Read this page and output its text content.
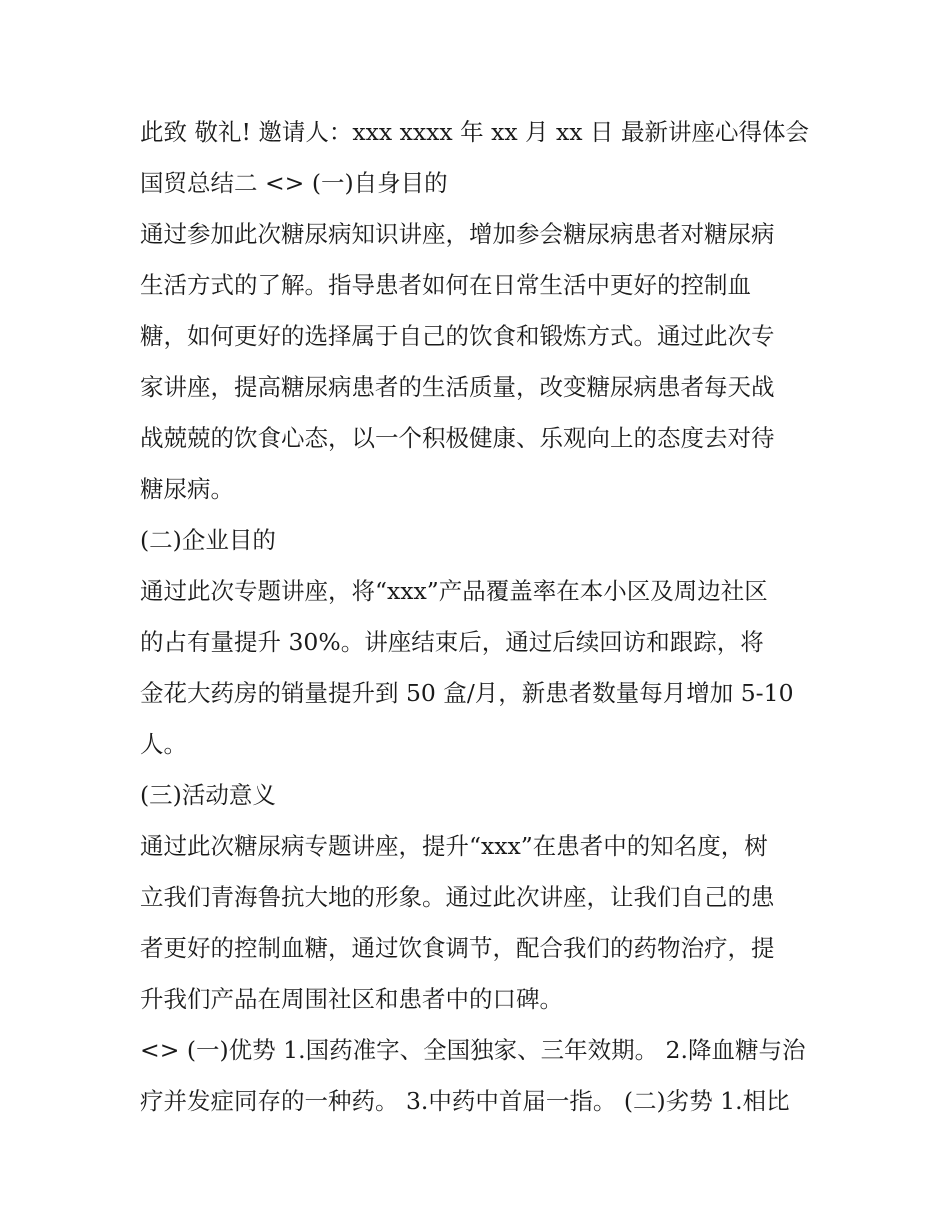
此致 敬礼! 邀请人：xxx xxxx 年 xx 月 xx 日 最新讲座心得体会
国贸总结二 <> (一)自身目的
通过参加此次糖尿病知识讲座，增加参会糖尿病患者对糖尿病
生活方式的了解。指导患者如何在日常生活中更好的控制血
糖，如何更好的选择属于自己的饮食和锻炼方式。通过此次专
家讲座，提高糖尿病患者的生活质量，改变糖尿病患者每天战
战兢兢的饮食心态，以一个积极健康、乐观向上的态度去对待
糖尿病。
(二)企业目的
通过此次专题讲座，将“xxx”产品覆盖率在本小区及周边社区
的占有量提升 30%。讲座结束后，通过后续回访和跟踪，将
金花大药房的销量提升到 50 盒/月，新患者数量每月增加 5-10
人。
(三)活动意义
通过此次糖尿病专题讲座，提升“xxx”在患者中的知名度，树
立我们青海鲁抗大地的形象。通过此次讲座，让我们自己的患
者更好的控制血糖，通过饮食调节，配合我们的药物治疗，提
升我们产品在周围社区和患者中的口碑。
<> (一)优势 1.国药准字、全国独家、三年效期。 2.降血糖与治
疗并发症同存的一种药。 3.中药中首届一指。 (二)劣势 1.相比
